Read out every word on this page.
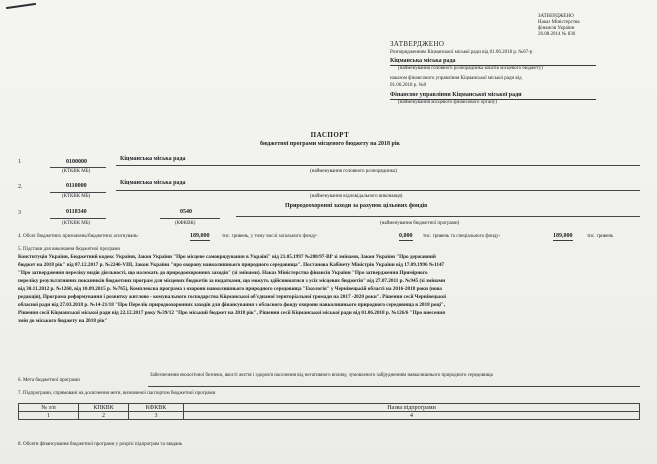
ЗАТВЕРДЖЕНО
Наказ Міністерства
фінансів України
26.08.2014 № 836
ЗАТВЕРДЖЕНО
Розпорядженням Кіцманської міської ради від 01.06.2018 р. №67-р
Кіцманська міська рада
(найменування головного розпорядника коштів місцевого бюджету)
наказом фінансового управління Кіцманської міської ради від
01.06.2018 р. №8
Фінансове управління Кіцманської міської ради
(найменування місцевого фінансового органу)
ПАСПОРТ
бюджетної програми місцевого бюджету на 2018 рік
1	0100000	Кіцманська міська рада
(КТКВК МБ)	(найменування головного розпорядника)
2.	0110000	Кіцманська міська рада
(КТКВК МБ)	(найменування відповідального виконавця)
3	0118340	0540
Природоохоронні заходи за рахунок цільових фондів
(КТКВК МБ)	(КФКВК)	(найменування бюджетної програми)
4. Обсяг бюджетних призначень/бюджетних асигнувань-	189,000	тис. гривень, у тому числі загального фонду-	0,000 тис. гривень та спеціального фонду-	189,000	тис. гривень
5. Підстави для виконання бюджетної програми
Конституція України, Бюджетний кодекс України, Закон України "Про місцеве самоврядування в Україні" від 21.05.1997 №280/97-ВР зі змінами, Закон України "Про державний
бюджет на 2018 рік" від 07.12.2017 р. №2246-VIII, Закон України "про охорону навколишнього природного середовища". Постанова Кабінету Міністрів України від 17.09.1996 №1147
"Про затвердження переліку видів діяльності, що належать до природоохоронних заходів" (зі змінами). Наказ Міністерства фінансів України "Про затвердження Примірного
переліку результативних показників бюджетних програм для місцевих бюджетів за видатками, що можуть здійснюватися з усіх місцевих бюджетів" від 27.07.2011 р. №945 (зі змінами
від 30.11.2012 р. №1260, від 10.09.2015 р. №765), Комплексна програма з охорони навколишнього природного середовища "Екологія" у Чернівецькій області на 2016-2018 роки (нова
редакція), Програма реформування і розвитку житлово - комунального господарства Кіцманської об'єднаної територіальної громади на 2017 -2020 роки". Рішення сесії Чернівецької
обласної ради від 27.03.2018 р. №14-21/18 "Про Перелік природоохоронних заходів для фінансування з обласного фонду охорони навколишнього природного середовища в 2018 році",
Рішення сесії Кіцманської міської ради від 22.12.2017 року №39/12 "Про міський бюджет на 2018 рік", Рішення сесії Кіцманської міської ради від 01.06.2018 р. №126/6 "Про внесення
змін до міського бюджету на 2018 рік"
6. Мета бюджетної програми
Забезпечення екологічної безпеки, якості життя і здоров'я населення від негативного впливу, зумовленого забрудненням навколишнього природного середовища
7. Підпрограми, спрямовані на досягнення мети, визначеної паспортом бюджетної програми
№ з/п	КПКВК	КФКВК	Назва підпрограми
1	2	3	4
8. Обсяги фінансування бюджетної програми у розрізі підпрограм та завдань
